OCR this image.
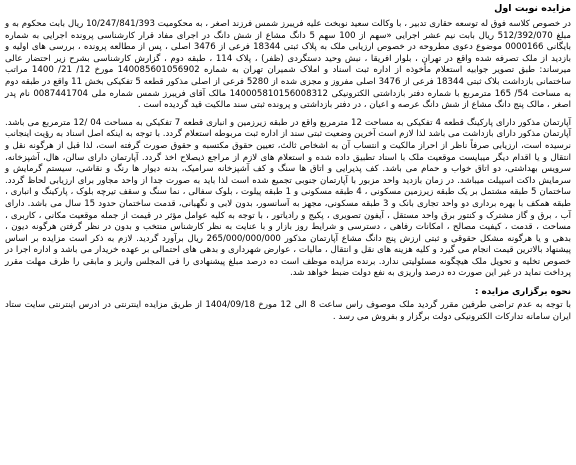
مزایده نوبت اول

در خصوص کلاسه فوق له توسعه حقاری تدبیر ، با وکالت سعید نوبخت علیه فریبرز شمس فرزند اصغر ، به محکومیت 10/247/841/393 ریال بابت محکوم به و مبلغ 512/392/070 ریال بابت نیم عشر اجرایی «سهم از 100 سهم 5 دانگ مشاع از شش دانگ در اجرای مفاد قرار کارشناسی پرونده اجرایی به شماره بایگانی 0000166 موضوع دعوی مطروحه در خصوص ارزیابی ملک به پلاک ثبتی 18344 فرعی از 3476 اصلی ، پس از مطالعه پرونده ، بررسی های اولیه و بازدید از ملک تصرفه شده واقع در تهران ، بلوار افریقا ، نبش وحید دستگردی (ظفر) ، پلاک 114 ، طبقه دوم ، گزارش کارشناسی بشرح زیر احتضار عالی میرساند: طبق تصویر جوابیه استعلام مأخوذه از اداره ثبت اسناد و املاک شمیران تهران به شماره 140085601056902 مورخ 12/ 21/ 1400 مراتب ساختمانی بازداشت بلاک ثبتی 18344 فرعی از 3476 اصلی مفروز و مجزی شده از 5280 فرعی از اصلی مذکور قطعه 5 تفکیکی بخش 11 واقع در طبقه دوم به مساحت 54/ 165 مترمربع با شماره دفتر بازداشتی الکترونیکی 140005810156008312 مالک آقای فریبرز شمس شماره ملی 0087441704 نام پدر اصغر ، مالک پنج دانگ مشاع از شش دانگ عرصه و اعیان ، در دفتر بازداشتی و پرونده ثبتی سند مالکیت قید گردیده است .

آپارتمان مذکور دارای پارکینگ قطعه 4 تفکیکی به مساحت 12 مترمربع واقع در طبقه زیرزمین و انباری قطعه 7 تفکیکی به مساحت 04 /12 مترمربع می باشد. آپارتمان مذکور دارای بازداشت می باشد لذا لازم است آخرین وضعیت ثبتی سند از اداره ثبت مربوطه استعلام گردد. با توجه به اینکه اصل اسناد به رؤیت اینجانب نرسیده است، ارزیابی صرفاً ناظر از احراز مالکیت و انتساب آن به اشخاص ثالث، تعیین حقوق مکتسبه و حقوق صورت گرفته است، لذا قبل از هرگونه نقل و انتقال و یا اقدام دیگر میبایست موقعیت ملک با اسناد تطبیق داده شده و استعلام های لازم از مراجع ذیصلاح اخذ گردد. آپارتمان دارای سالن، هال، آشپزخانه، سرویس بهداشتی، دو اتاق خواب و حمام می باشد. کف پذیرایی و اتاق ها سنگ و کف آشپزخانه سرامیک، بدنه دیوار ها رنگ و نقاشی، سیستم گرمایش و سرمایش داکت اسپیلت میباشد. در زمان بازدید واحد مزبور با آپارتمان جنوبی تجمیع شده است لذا باید به صورت جدا از واحد مجاور برای ارزیابی لحاظ گردد. ساختمان 5 طبقه مشتمل بر یک طبقه زیرزمین مسکونی ، 4 طبقه مسکونی و 1 طبقه پیلوت ، بلوک سفالی ، نما سنگ و سقف تیرچه بلوک ، پارکینگ و انباری ، طبقه همکف با بهره برداری دو واحد تجاری بانک و 3 طبقه مسکونی، مجهز به آسانسور، بدون لابی و نگهبانی، قدمت ساختمان حدود 15 سال می باشد. دارای آب ، برق و گاز مشترک و کنتور برق واحد مستقل ، آیفون تصویری ، پکیج و رادیاتور ، با توجه به کلیه عوامل مؤثر در قیمت از جمله موقعیت مکانی ، کاربری ، مساحت ، قدمت ، کیفیت مصالح ، امکانات رفاهی ، دسترسی و شرایط روز بازار و با عنایت به نظر کارشناس منتخب و بدون در نظر گرفتن هرگونه دیون ، بدهی و یا هرگونه مشکل حقوقی و ثبتی ارزش پنج دانگ مشاع آپارتمان مذکور 265/000/000/000 ریال برآورد گردید. لازم به ذکر است مزایده بر اساس پیشنهاد بالاترین قیمت انجام می گیرد و کلیه هزینه های نقل و انتقال ، مالیات ، عوارض شهرداری و بدهی های احتمالی بر عهده خریدار می باشد و اداره اجرا در خصوص تخلیه و تحویل ملک هیچگونه مسئولیتی ندارد. برنده مزایده موظف است ده درصد مبلغ پیشنهادی را فی المجلس واریز و مابقی را ظرف مهلت مقرر پرداخت نماید در غیر این صورت ده درصد واریزی به نفع دولت ضبط خواهد شد.

نحوه برگزاری مزایده :

با توجه به عدم تراضی طرفین مقرر گردید ملک موصوف راس ساعت 8 الی 12 مورخ 1404/09/18 از طریق مزایده اینترنتی در ادرس اینترنتی سایت ستاد ایران سامانه تدارکات الکترونیکی دولت برگزار و بفروش می رسد .
